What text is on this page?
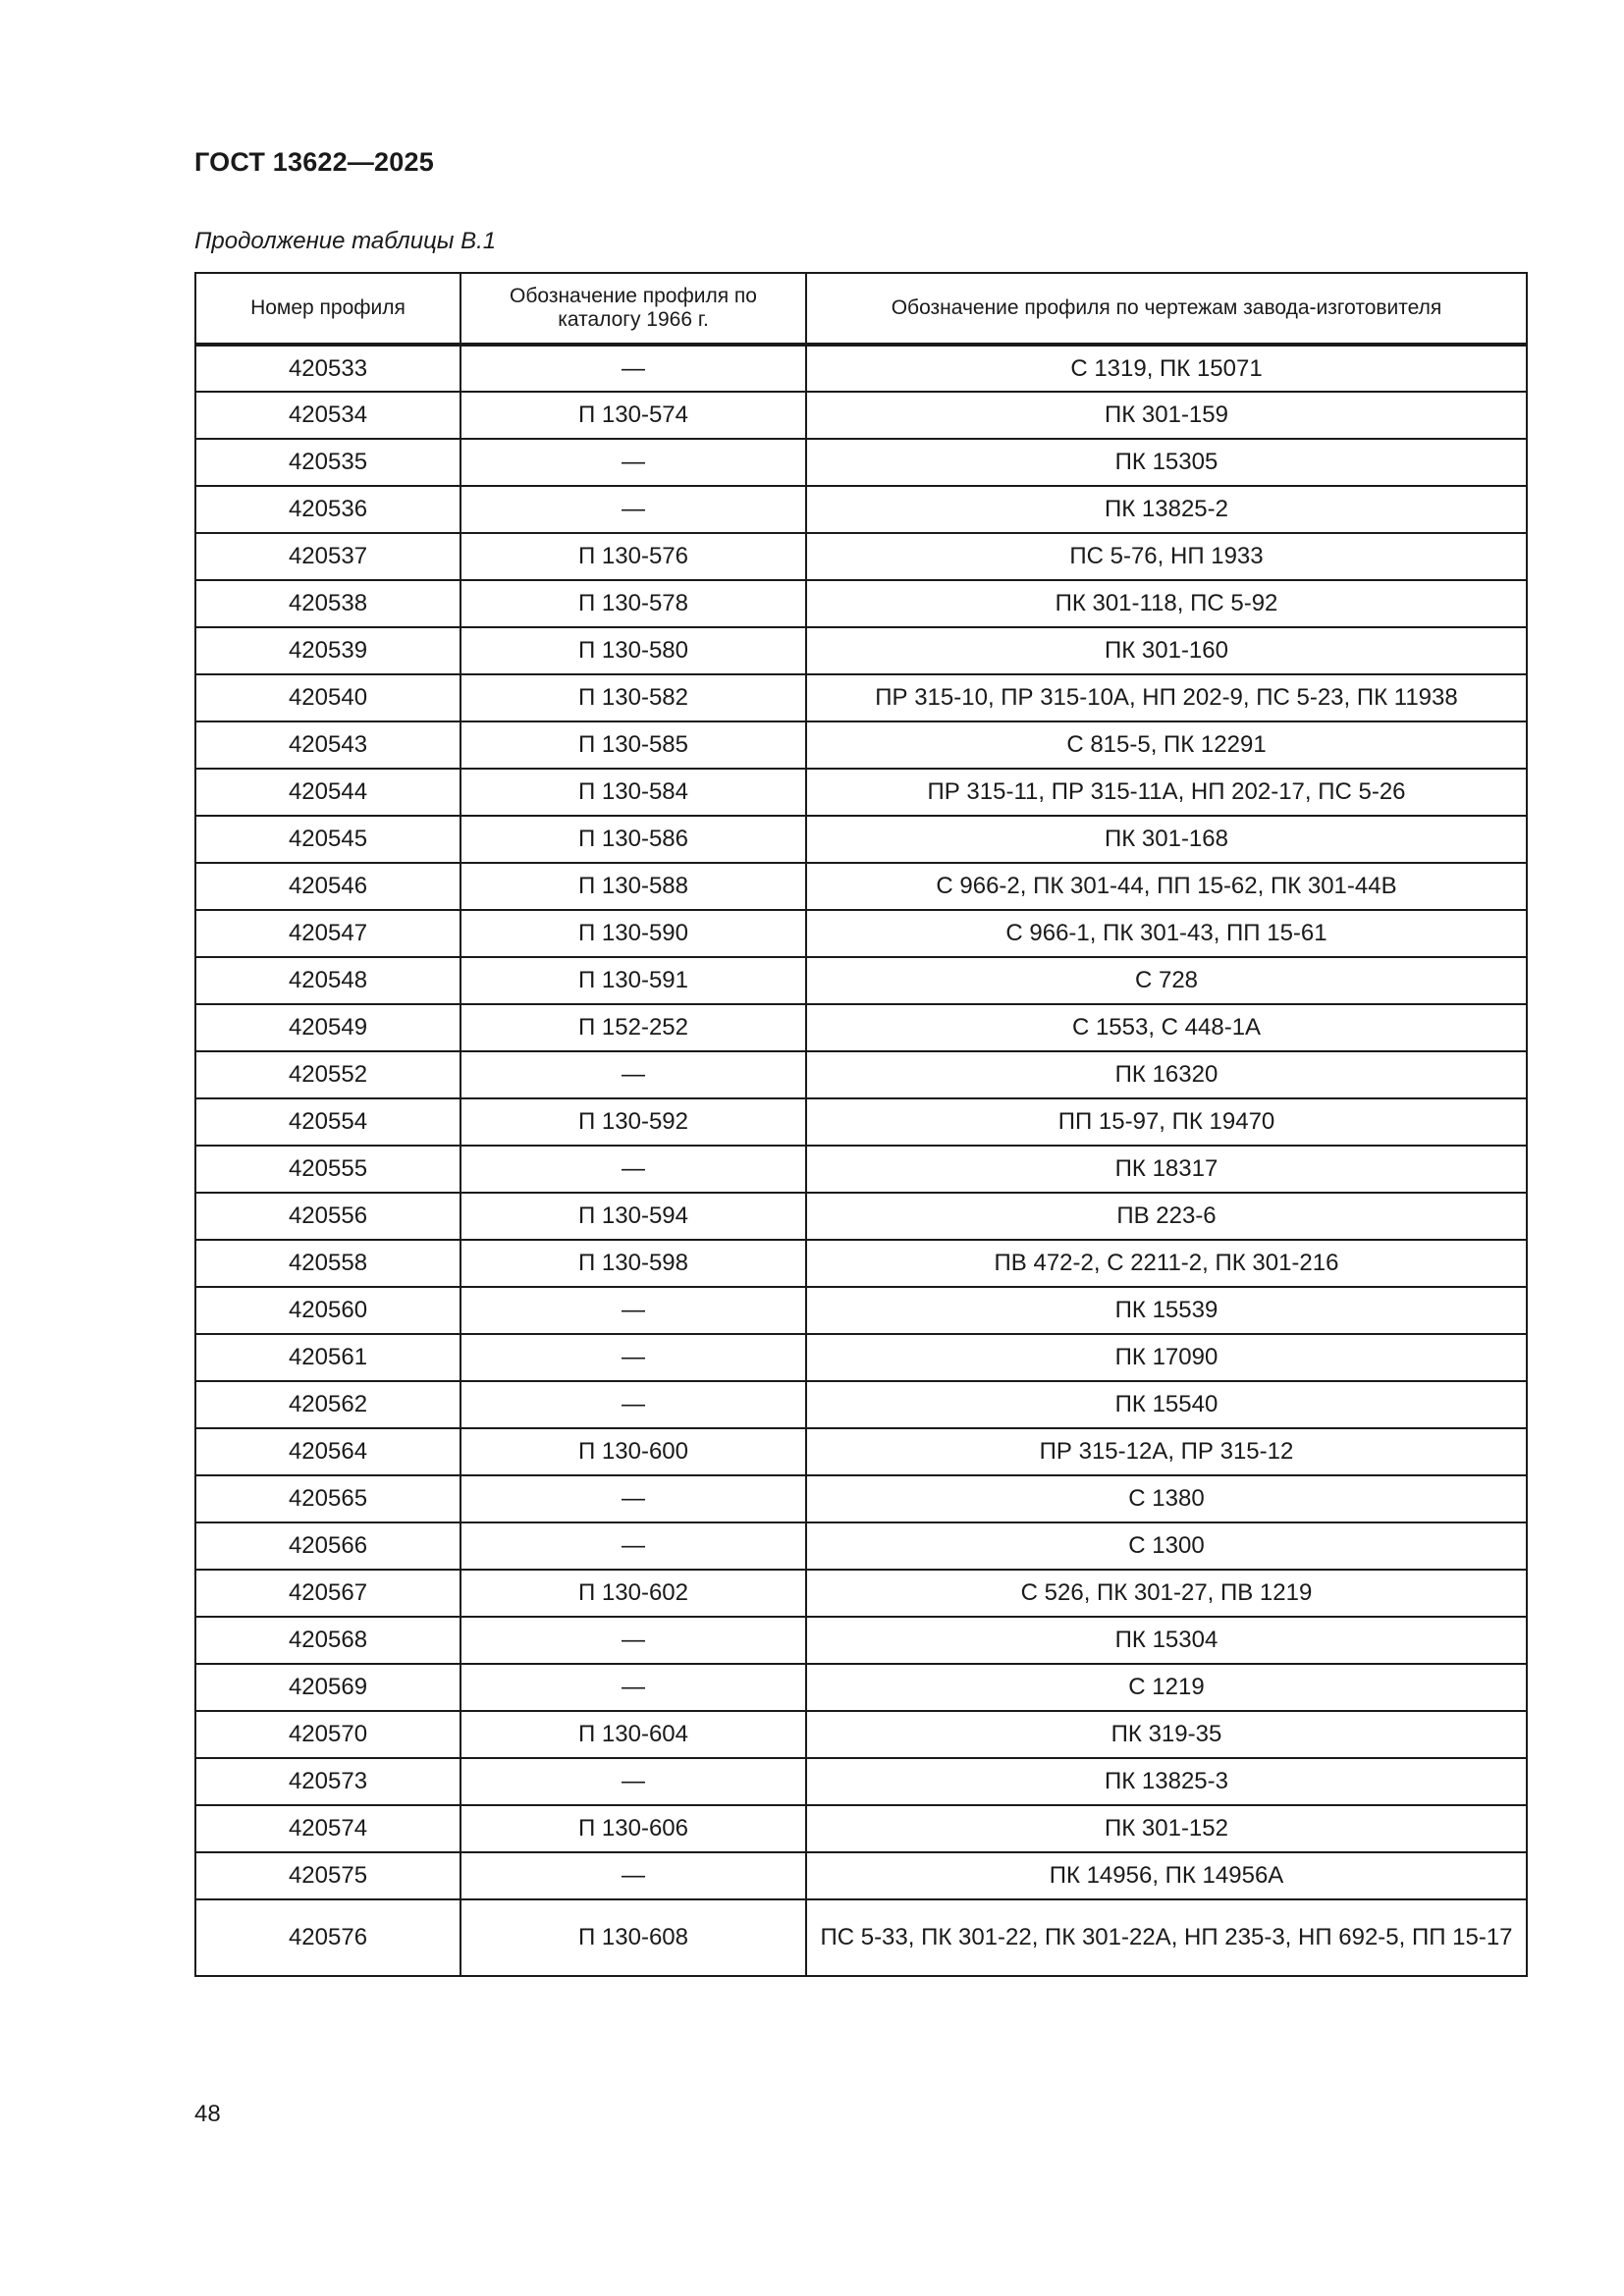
ГОСТ 13622—2025
Продолжение таблицы В.1
Номер профиля	Обозначение профиля по каталогу 1966 г.	Обозначение профиля по чертежам завода-изготовителя
420533	—	С 1319, ПК 15071
420534	П 130-574	ПК 301-159
420535	—	ПК 15305
420536	—	ПК 13825-2
420537	П 130-576	ПС 5-76, НП 1933
420538	П 130-578	ПК 301-118, ПС 5-92
420539	П 130-580	ПК 301-160
420540	П 130-582	ПР 315-10, ПР 315-10А, НП 202-9, ПС 5-23, ПК 11938
420543	П 130-585	С 815-5, ПК 12291
420544	П 130-584	ПР 315-11, ПР 315-11А, НП 202-17, ПС 5-26
420545	П 130-586	ПК 301-168
420546	П 130-588	С 966-2, ПК 301-44, ПП 15-62, ПК 301-44В
420547	П 130-590	С 966-1, ПК 301-43, ПП 15-61
420548	П 130-591	С 728
420549	П 152-252	С 1553, С 448-1А
420552	—	ПК 16320
420554	П 130-592	ПП 15-97, ПК 19470
420555	—	ПК 18317
420556	П 130-594	ПВ 223-6
420558	П 130-598	ПВ 472-2, С 2211-2, ПК 301-216
420560	—	ПК 15539
420561	—	ПК 17090
420562	—	ПК 15540
420564	П 130-600	ПР 315-12А, ПР 315-12
420565	—	С 1380
420566	—	С 1300
420567	П 130-602	С 526, ПК 301-27, ПВ 1219
420568	—	ПК 15304
420569	—	С 1219
420570	П 130-604	ПК 319-35
420573	—	ПК 13825-3
420574	П 130-606	ПК 301-152
420575	—	ПК 14956, ПК 14956А
420576	П 130-608	ПС 5-33, ПК 301-22, ПК 301-22А, НП 235-3, НП 692-5, ПП 15-17
48
